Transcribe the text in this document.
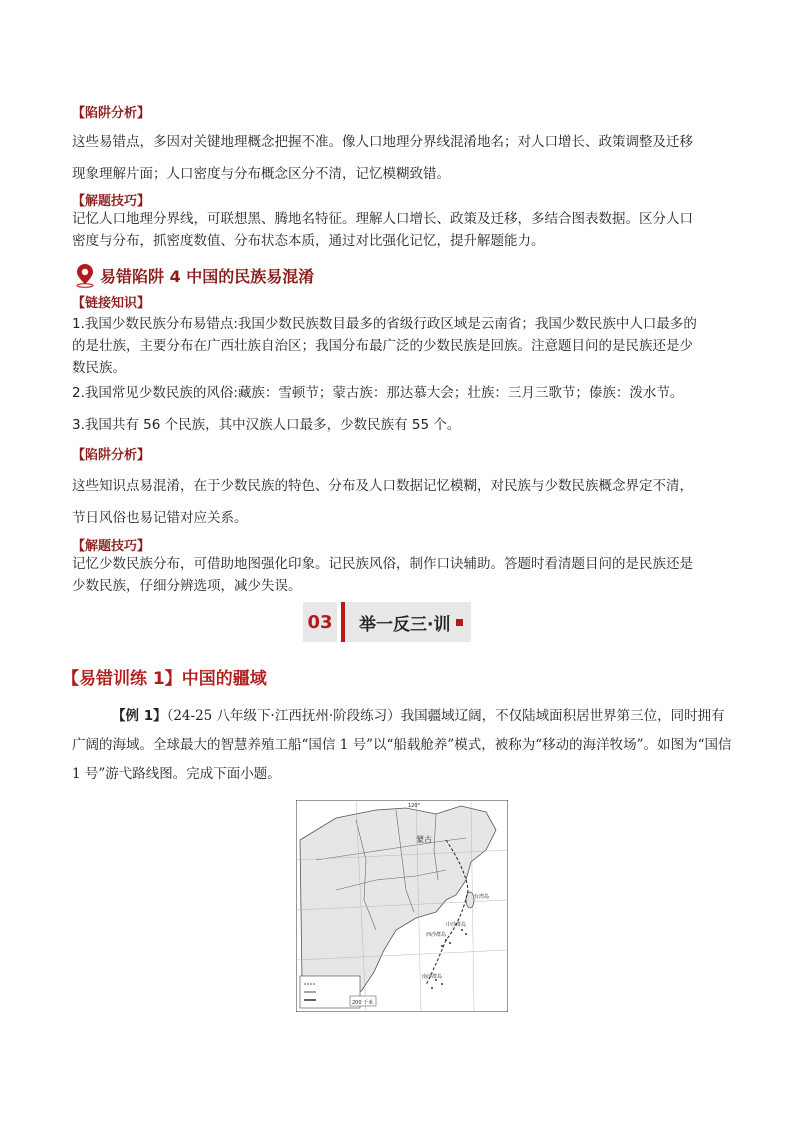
【陷阱分析】
这些易错点，多因对关键地理概念把握不准。像人口地理分界线混淆地名；对人口增长、政策调整及迁移
现象理解片面；人口密度与分布概念区分不清，记忆模糊致错。
【解题技巧】
记忆人口地理分界线，可联想黑、腾地名特征。理解人口增长、政策及迁移，多结合图表数据。区分人口
密度与分布，抓密度数值、分布状态本质，通过对比强化记忆，提升解题能力。
易错陷阱 4 中国的民族易混淆
【链接知识】
1.我国少数民族分布易错点:我国少数民族数目最多的省级行政区域是云南省；我国少数民族中人口最多的
的是壮族，主要分布在广西壮族自治区；我国分布最广泛的少数民族是回族。注意题目问的是民族还是少
数民族。
2.我国常见少数民族的风俗:藏族：雪顿节；蒙古族：那达慕大会；壮族：三月三歌节；傣族：泼水节。
3.我国共有 56 个民族，其中汉族人口最多，少数民族有 55 个。
【陷阱分析】
这些知识点易混淆，在于少数民族的特色、分布及人口数据记忆模糊，对民族与少数民族概念界定不清，
节日风俗也易记错对应关系。
【解题技巧】
记忆少数民族分布，可借助地图强化印象。记民族风俗，制作口诀辅助。答题时看清题目问的是民族还是
少数民族，仔细分辨选项，减少失误。
03 举一反三·训
【易错训练 1】中国的疆域
【例 1】（24-25 八年级下·江西抚州·阶段练习）我国疆域辽阔，不仅陆域面积居世界第三位，同时拥有广阔的海域。全球最大的智慧养殖工船“国信 1 号”以“船载舱养”模式，被称为“移动的海洋牧场”。如图为“国信 1 号”游弋路线图。完成下面小题。
蒙古
台湾岛
西沙群岛
中沙群岛
南沙群岛
120°
200 千米
